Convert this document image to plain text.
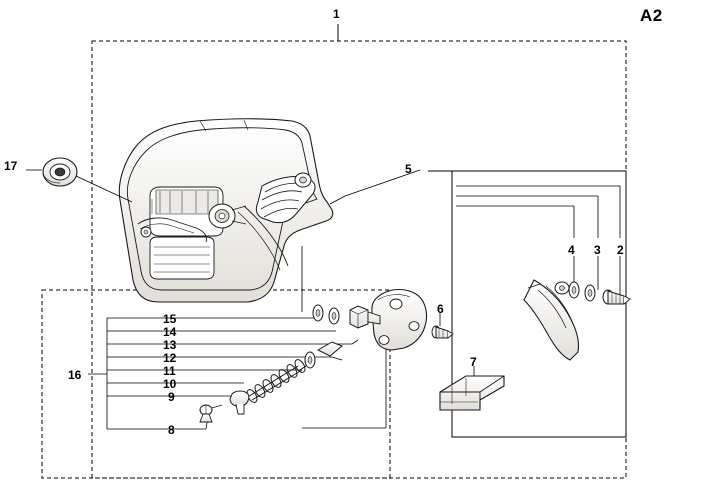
A2
1
17	5
4 3 2
6
15
14
13
12
11
10
9
16
8
7
